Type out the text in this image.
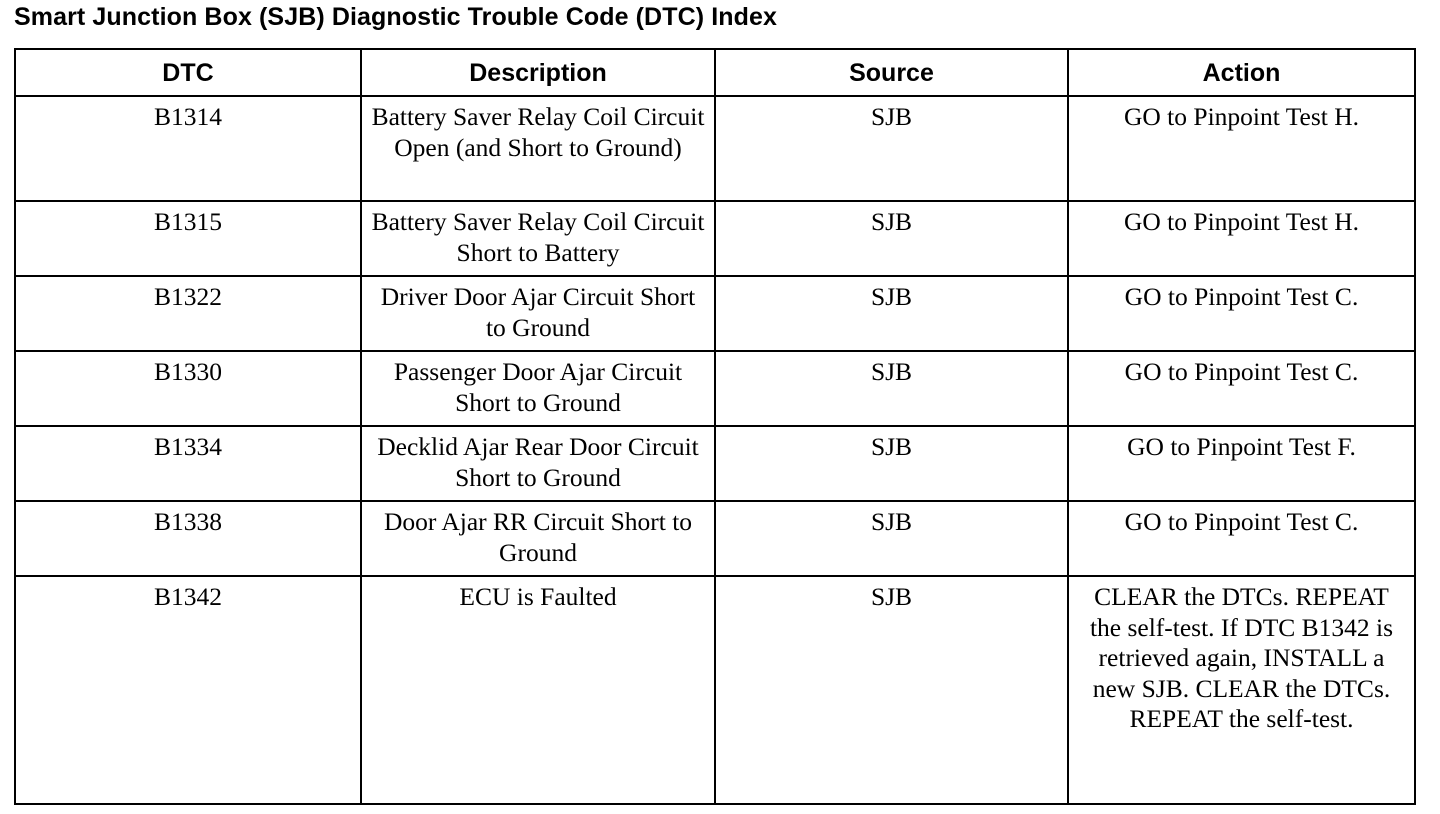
Smart Junction Box (SJB) Diagnostic Trouble Code (DTC) Index
DTC	Description	Source	Action
B1314	Battery Saver Relay Coil Circuit Open (and Short to Ground)	SJB	GO to Pinpoint Test H.
B1315	Battery Saver Relay Coil Circuit Short to Battery	SJB	GO to Pinpoint Test H.
B1322	Driver Door Ajar Circuit Short to Ground	SJB	GO to Pinpoint Test C.
B1330	Passenger Door Ajar Circuit Short to Ground	SJB	GO to Pinpoint Test C.
B1334	Decklid Ajar Rear Door Circuit Short to Ground	SJB	GO to Pinpoint Test F.
B1338	Door Ajar RR Circuit Short to Ground	SJB	GO to Pinpoint Test C.
B1342	ECU is Faulted	SJB	CLEAR the DTCs. REPEAT the self-test. If DTC B1342 is retrieved again, INSTALL a new SJB. CLEAR the DTCs. REPEAT the self-test.
